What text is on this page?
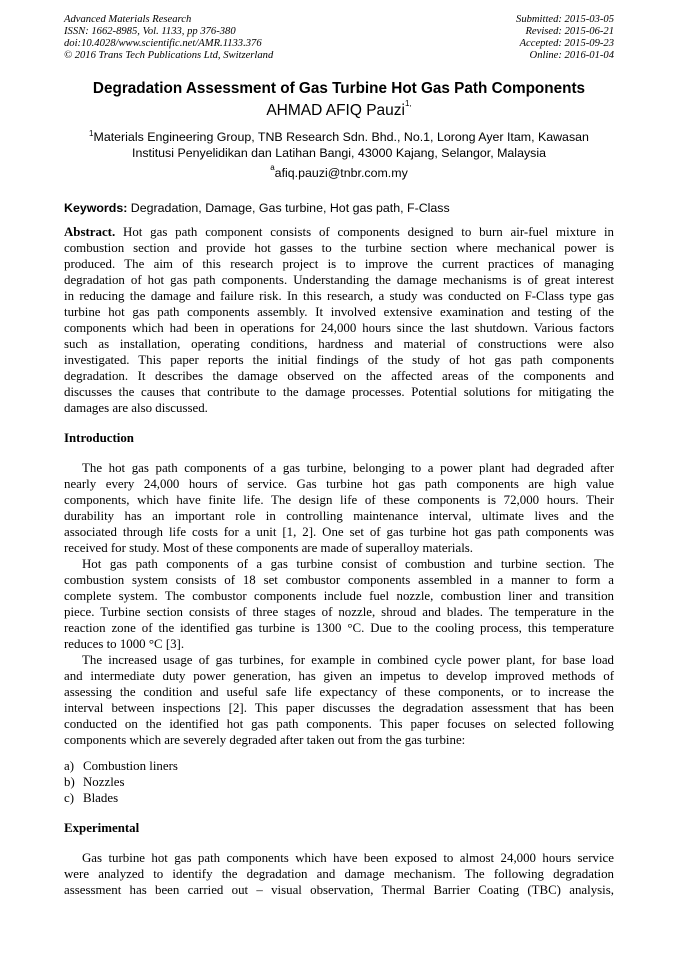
Advanced Materials Research
ISSN: 1662-8985, Vol. 1133, pp 376-380
doi:10.4028/www.scientific.net/AMR.1133.376
© 2016 Trans Tech Publications Ltd, Switzerland
Submitted: 2015-03-05
Revised: 2015-06-21
Accepted: 2015-09-23
Online: 2016-01-04
Degradation Assessment of Gas Turbine Hot Gas Path Components
AHMAD AFIQ Pauzi$^{1,}$
$^1$Materials Engineering Group, TNB Research Sdn. Bhd., No.1, Lorong Ayer Itam, Kawasan
Institusi Penyelidikan dan Latihan Bangi, 43000 Kajang, Selangor, Malaysia
$^a$afiq.pauzi@tnbr.com.my
Keywords: Degradation, Damage, Gas turbine, Hot gas path, F-Class
Abstract. Hot gas path component consists of components designed to burn air-fuel mixture in
combustion section and provide hot gasses to the turbine section where mechanical power is
produced. The aim of this research project is to improve the current practices of managing
degradation of hot gas path components. Understanding the damage mechanisms is of great interest
in reducing the damage and failure risk. In this research, a study was conducted on F-Class type gas
turbine hot gas path components assembly. It involved extensive examination and testing of the
components which had been in operations for 24,000 hours since the last shutdown. Various factors
such as installation, operating conditions, hardness and material of constructions were also
investigated. This paper reports the initial findings of the study of hot gas path components
degradation. It describes the damage observed on the affected areas of the components and
discusses the causes that contribute to the damage processes. Potential solutions for mitigating the
damages are also discussed.
Introduction
The hot gas path components of a gas turbine, belonging to a power plant had degraded after
nearly every 24,000 hours of service. Gas turbine hot gas path components are high value
components, which have finite life. The design life of these components is 72,000 hours. Their
durability has an important role in controlling maintenance interval, ultimate lives and the
associated through life costs for a unit [1, 2]. One set of gas turbine hot gas path components was
received for study. Most of these components are made of superalloy materials.
Hot gas path components of a gas turbine consist of combustion and turbine section. The
combustion system consists of 18 set combustor components assembled in a manner to form a
complete system. The combustor components include fuel nozzle, combustion liner and transition
piece. Turbine section consists of three stages of nozzle, shroud and blades. The temperature in the
reaction zone of the identified gas turbine is 1300 °C. Due to the cooling process, this temperature
reduces to 1000 °C [3].
The increased usage of gas turbines, for example in combined cycle power plant, for base load
and intermediate duty power generation, has given an impetus to develop improved methods of
assessing the condition and useful safe life expectancy of these components, or to increase the
interval between inspections [2]. This paper discusses the degradation assessment that has been
conducted on the identified hot gas path components. This paper focuses on selected following
components which are severely degraded after taken out from the gas turbine:
a) Combustion liners
b) Nozzles
c) Blades
Experimental
Gas turbine hot gas path components which have been exposed to almost 24,000 hours service
were analyzed to identify the degradation and damage mechanism. The following degradation
assessment has been carried out – visual observation, Thermal Barrier Coating (TBC) analysis,
